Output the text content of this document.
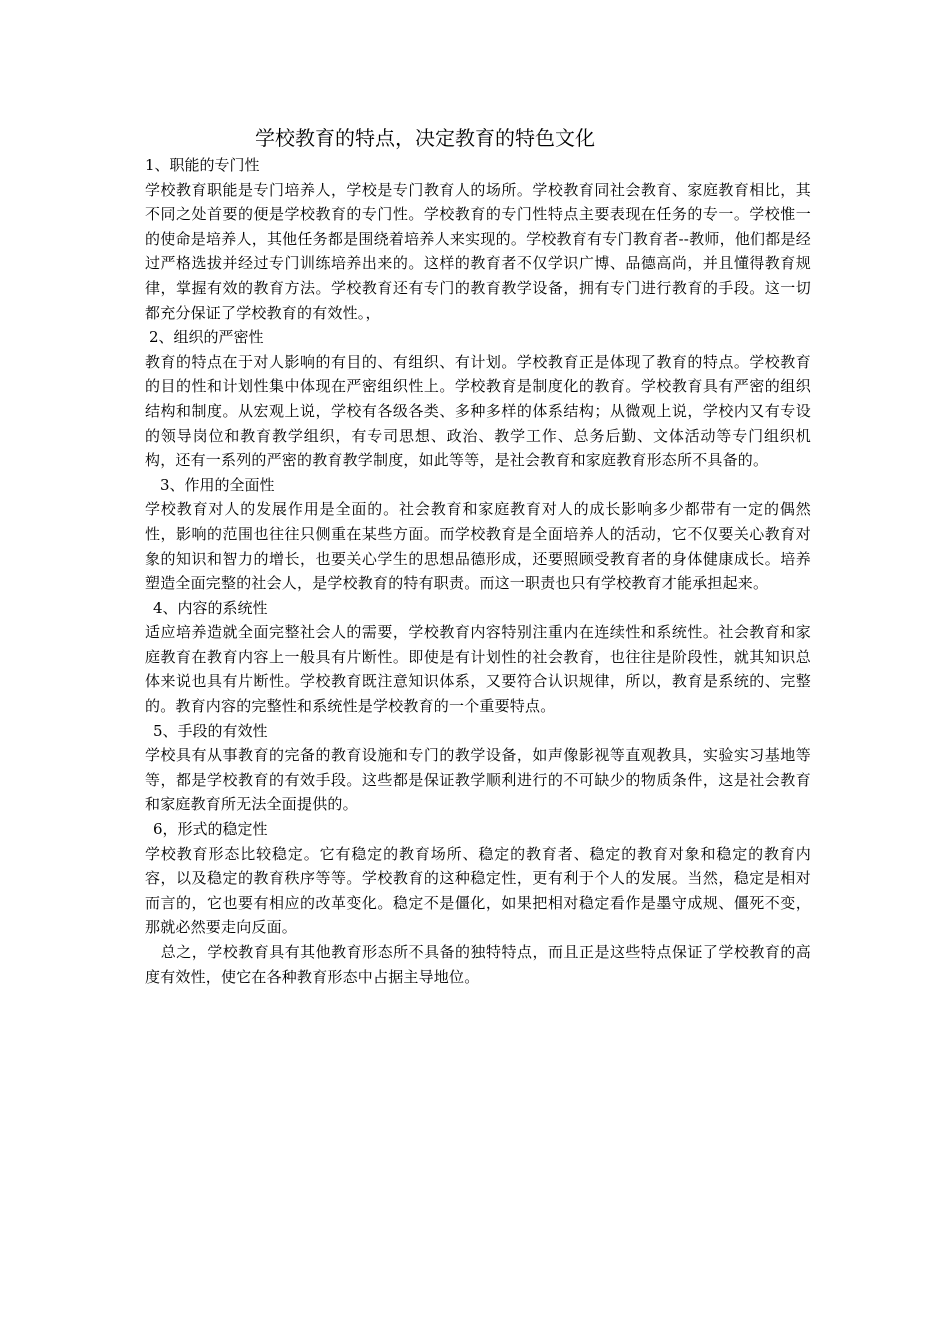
学校教育的特点，决定教育的特色文化

1、职能的专门性

学校教育职能是专门培养人，学校是专门教育人的场所。学校教育同社会教育、家庭教育相比，其不同之处首要的便是学校教育的专门性。学校教育的专门性特点主要表现在任务的专一。学校惟一的使命是培养人，其他任务都是围绕着培养人来实现的。学校教育有专门教育者--教师，他们都是经过严格选拔并经过专门训练培养出来的。这样的教育者不仅学识广博、品德高尚，并且懂得教育规律，掌握有效的教育方法。学校教育还有专门的教育教学设备，拥有专门进行教育的手段。这一切都充分保证了学校教育的有效性。，

2、组织的严密性

教育的特点在于对人影响的有目的、有组织、有计划。学校教育正是体现了教育的特点。学校教育的目的性和计划性集中体现在严密组织性上。学校教育是制度化的教育。学校教育具有严密的组织结构和制度。从宏观上说，学校有各级各类、多种多样的体系结构；从微观上说，学校内又有专设的领导岗位和教育教学组织，有专司思想、政治、教学工作、总务后勤、文体活动等专门组织机构，还有一系列的严密的教育教学制度，如此等等，是社会教育和家庭教育形态所不具备的。

3、作用的全面性

学校教育对人的发展作用是全面的。社会教育和家庭教育对人的成长影响多少都带有一定的偶然性，影响的范围也往往只侧重在某些方面。而学校教育是全面培养人的活动，它不仅要关心教育对象的知识和智力的增长，也要关心学生的思想品德形成，还要照顾受教育者的身体健康成长。培养塑造全面完整的社会人，是学校教育的特有职责。而这一职责也只有学校教育才能承担起来。

4、内容的系统性

适应培养造就全面完整社会人的需要，学校教育内容特别注重内在连续性和系统性。社会教育和家庭教育在教育内容上一般具有片断性。即使是有计划性的社会教育，也往往是阶段性，就其知识总体来说也具有片断性。学校教育既注意知识体系，又要符合认识规律，所以，教育是系统的、完整的。教育内容的完整性和系统性是学校教育的一个重要特点。

5、手段的有效性

学校具有从事教育的完备的教育设施和专门的教学设备，如声像影视等直观教具，实验实习基地等等，都是学校教育的有效手段。这些都是保证教学顺利进行的不可缺少的物质条件，这是社会教育和家庭教育所无法全面提供的。

6，形式的稳定性

学校教育形态比较稳定。它有稳定的教育场所、稳定的教育者、稳定的教育对象和稳定的教育内容，以及稳定的教育秩序等等。学校教育的这种稳定性，更有利于个人的发展。当然，稳定是相对而言的，它也要有相应的改革变化。稳定不是僵化，如果把相对稳定看作是墨守成规、僵死不变，那就必然要走向反面。

总之，学校教育具有其他教育形态所不具备的独特特点，而且正是这些特点保证了学校教育的高度有效性，使它在各种教育形态中占据主导地位。
